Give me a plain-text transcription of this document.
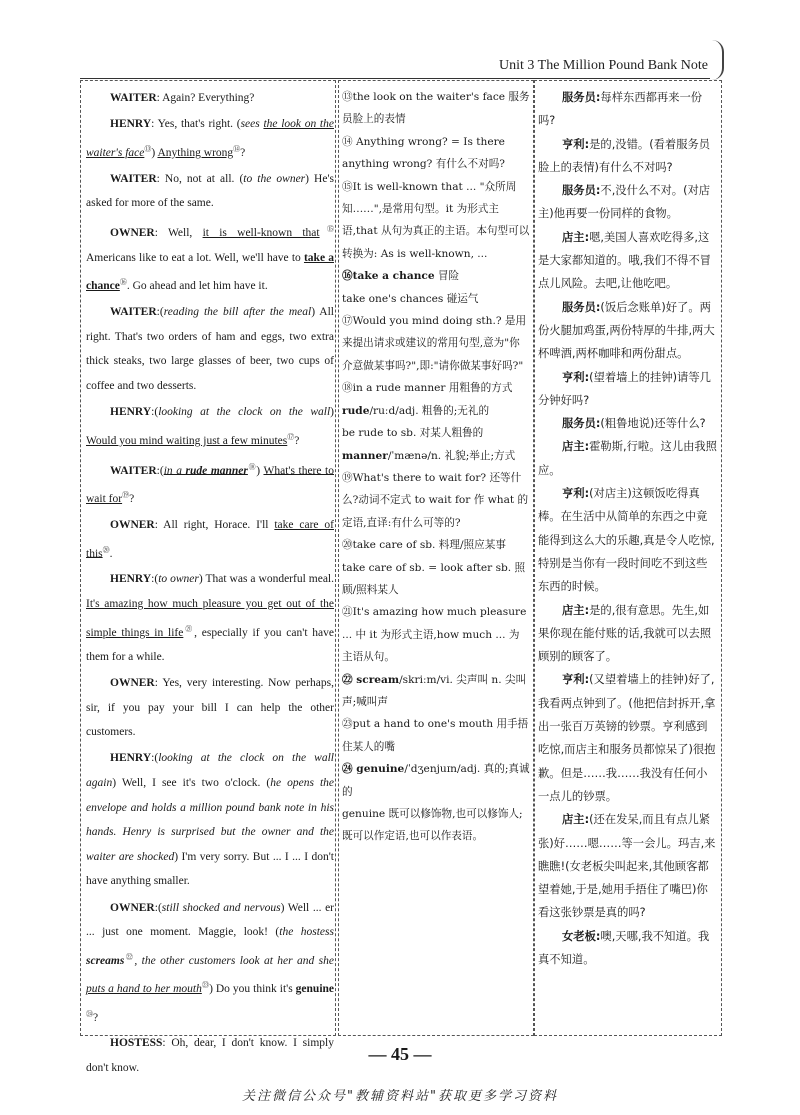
Unit 3 The Million Pound Bank Note

WAITER: Again? Everything?

HENRY: Yes, that's right. (sees the look on the waiter's face⑬) Anything wrong⑭?

WAITER: No, not at all. (to the owner) He's asked for more of the same.

OWNER: Well, it is well-known that⑮ Americans like to eat a lot. Well, we'll have to take a chance⑯. Go ahead and let him have it.

WAITER:(reading the bill after the meal) All right. That's two orders of ham and eggs, two extra thick steaks, two large glasses of beer, two cups of coffee and two desserts.

HENRY:(looking at the clock on the wall) Would you mind waiting just a few minutes⑰?

WAITER:(in a rude manner⑱) What's there to wait for⑲?

OWNER: All right, Horace. I'll take care of this⑳.

HENRY:(to owner) That was a wonderful meal. It's amazing how much pleasure you get out of the simple things in life$^㉑$, especially if you can't have them for a while.

OWNER: Yes, very interesting. Now perhaps, sir, if you pay your bill I can help the other customers.

HENRY:(looking at the clock on the wall again) Well, I see it's two o'clock. (he opens the envelope and holds a million pound bank note in his hands. Henry is surprised but the owner and the waiter are shocked) I'm very sorry. But ... I ... I don't have anything smaller.

OWNER:(still shocked and nervous) Well ... er ... just one moment. Maggie, look! (the hostess screams$^㉒$, the other customers look at her and she puts a hand to her mouth$^㉓$) Do you think it's genuine$^㉔$?

HOSTESS: Oh, dear, I don't know. I simply don't know.

⑬the look on the waiter's face 服务员脸上的表情

⑭ Anything wrong? = Is there anything wrong? 有什么不对吗?

⑮It is well-known that ... "众所周知……",是常用句型。it 为形式主语,that 从句为真正的主语。本句型可以转换为: As is well-known, ...

⑯take a chance 冒险

take one's chances 碰运气

⑰Would you mind doing sth.? 是用来提出请求或建议的常用句型,意为"你介意做某事吗?",即:"请你做某事好吗?"

⑱in a rude manner 用粗鲁的方式

rude/ruːd/adj. 粗鲁的;无礼的

be rude to sb. 对某人粗鲁的

manner/ˈmænə/n. 礼貌;举止;方式

⑲What's there to wait for? 还等什么?动词不定式 to wait for 作 what 的定语,直译:有什么可等的?

⑳take care of sb. 料理/照应某事

take care of sb. = look after sb. 照顾/照料某人

㉑It's amazing how much pleasure ... 中 it 为形式主语,how much ... 为主语从句。

㉒ scream/skriːm/vi. 尖声叫 n. 尖叫声;喊叫声

㉓put a hand to one's mouth 用手捂住某人的嘴

㉔ genuine/ˈdʒenjuɪn/adj. 真的;真诚的

genuine 既可以修饰物,也可以修饰人;既可以作定语,也可以作表语。

服务员:每样东西都再来一份吗?

亨利:是的,没错。(看着服务员脸上的表情)有什么不对吗?

服务员:不,没什么不对。(对店主)他再要一份同样的食物。

店主:嗯,美国人喜欢吃得多,这是大家都知道的。哦,我们不得不冒点儿风险。去吧,让他吃吧。

服务员:(饭后念账单)好了。两份火腿加鸡蛋,两份特厚的牛排,两大杯啤酒,两杯咖啡和两份甜点。

亨利:(望着墙上的挂钟)请等几分钟好吗?

服务员:(粗鲁地说)还等什么?

店主:霍勒斯,行啦。这儿由我照应。

亨利:(对店主)这顿饭吃得真棒。在生活中从简单的东西之中竟能得到这么大的乐趣,真是令人吃惊,特别是当你有一段时间吃不到这些东西的时候。

店主:是的,很有意思。先生,如果你现在能付账的话,我就可以去照顾别的顾客了。

亨利:(又望着墙上的挂钟)好了,我看两点钟到了。(他把信封拆开,拿出一张百万英镑的钞票。亨利感到吃惊,而店主和服务员都惊呆了)很抱歉。但是……我……我没有任何小一点儿的钞票。

店主:(还在发呆,而且有点儿紧张)好……嗯……等一会儿。玛吉,来瞧瞧!(女老板尖叫起来,其他顾客都望着她,于是,她用手捂住了嘴巴)你看这张钞票是真的吗?

女老板:噢,天哪,我不知道。我真不知道。

— 45 —
关注微信公众号"教辅资料站"获取更多学习资料
